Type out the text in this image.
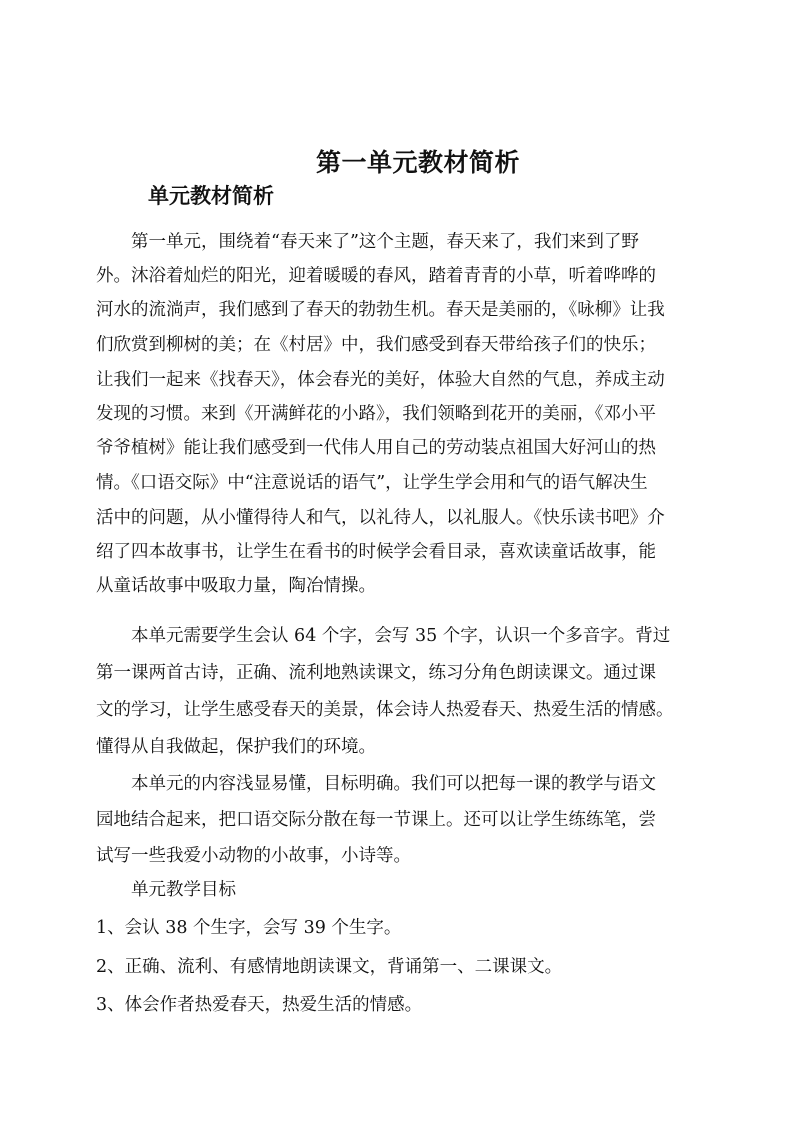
第一单元教材简析
单元教材简析
第一单元，围绕着“春天来了”这个主题，春天来了，我们来到了野
外。沐浴着灿烂的阳光，迎着暖暖的春风，踏着青青的小草，听着哗哗的
河水的流淌声，我们感到了春天的勃勃生机。春天是美丽的，《咏柳》让我
们欣赏到柳树的美；在《村居》中，我们感受到春天带给孩子们的快乐；
让我们一起来《找春天》，体会春光的美好，体验大自然的气息，养成主动
发现的习惯。来到《开满鲜花的小路》，我们领略到花开的美丽，《邓小平
爷爷植树》能让我们感受到一代伟人用自己的劳动装点祖国大好河山的热
情。《口语交际》中“注意说话的语气”，让学生学会用和气的语气解决生
活中的问题，从小懂得待人和气，以礼待人，以礼服人。《快乐读书吧》介
绍了四本故事书，让学生在看书的时候学会看目录，喜欢读童话故事，能
从童话故事中吸取力量，陶冶情操。
本单元需要学生会认 64 个字，会写 35 个字，认识一个多音字。背过
第一课两首古诗，正确、流利地熟读课文，练习分角色朗读课文。通过课
文的学习，让学生感受春天的美景，体会诗人热爱春天、热爱生活的情感。
懂得从自我做起，保护我们的环境。
本单元的内容浅显易懂，目标明确。我们可以把每一课的教学与语文
园地结合起来，把口语交际分散在每一节课上。还可以让学生练练笔，尝
试写一些我爱小动物的小故事，小诗等。
单元教学目标
1、会认 38 个生字，会写 39 个生字。
2、正确、流利、有感情地朗读课文，背诵第一、二课课文。
3、体会作者热爱春天，热爱生活的情感。
